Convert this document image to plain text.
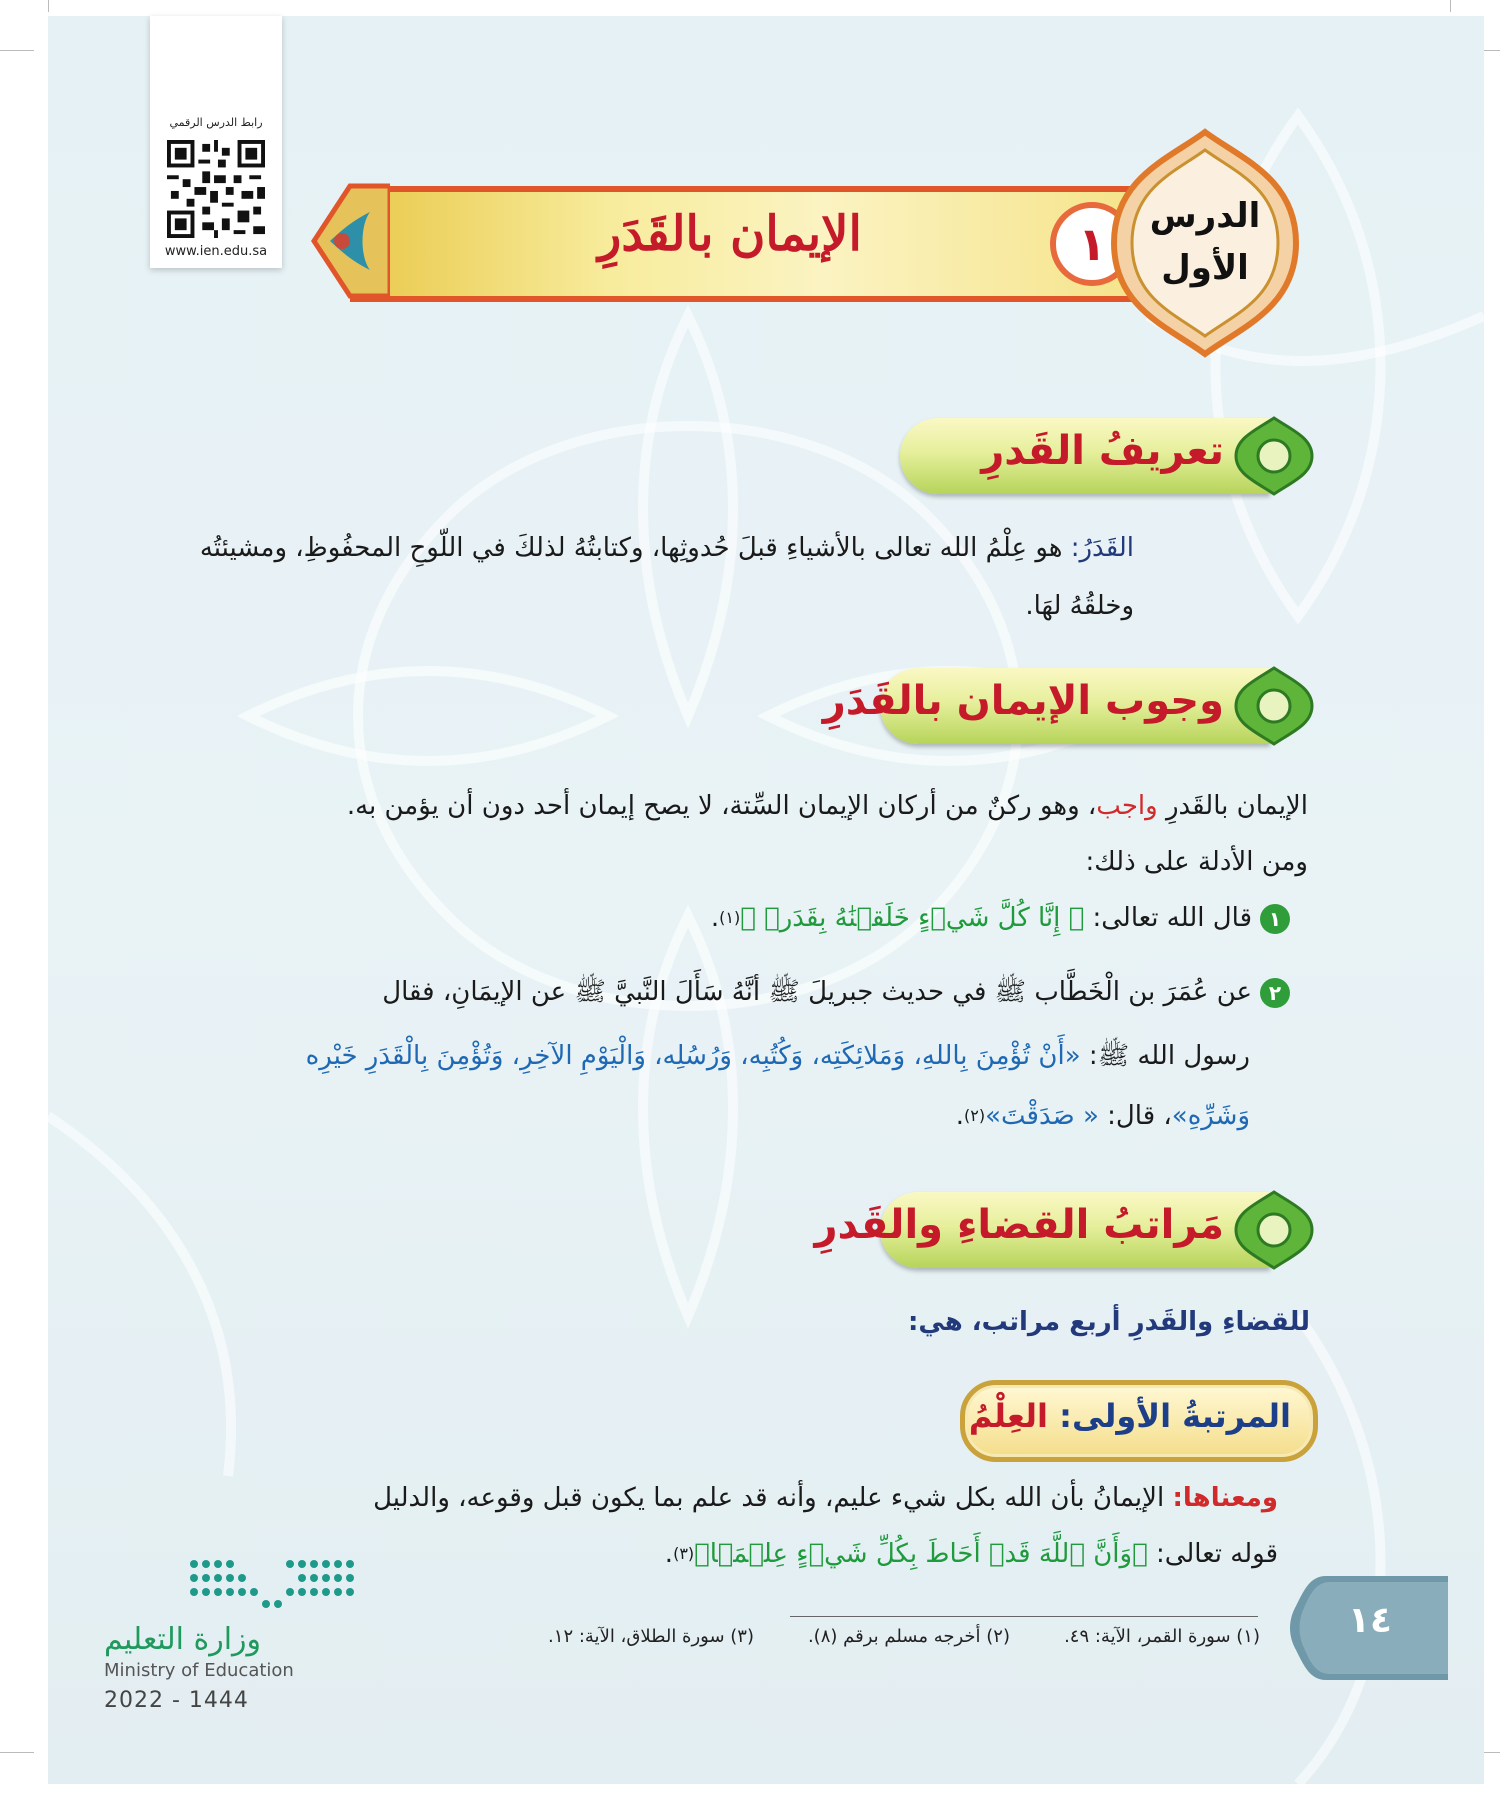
رابط الدرس الرقمي
www.ien.edu.sa	الإيمان بالقَدَرِ	١
الدرس
الأول
تعريفُ القَدرِ
القَدَرُ: هو عِلْمُ الله تعالى بالأشياءِ قبلَ حُدوثِها، وكتابتُهُ لذلكَ في اللّوحِ المحفُوظِ، ومشيئتُه
وخلقُهُ لهَا.
وجوب الإيمان بالقَدَرِ
الإيمان بالقَدرِ واجب، وهو ركنٌ من أركان الإيمان السِّتة، لا يصح إيمان أحد دون أن يؤمن به.
ومن الأدلة على ذلك:
١قال الله تعالى: ﴿ إِنَّا كُلَّ شَيۡءٍ خَلَقۡنَٰهُ بِقَدَرٖ ﴾$^{(١)}$.
٢عن عُمَرَ بن الْخَطَّاب ﷺ في حديث جبريلَ ﷺ أنَّهُ سَأَلَ النَّبيَّ ﷺ عن الإيمَانِ، فقال
رسول الله ﷺ: «أَنْ تُؤْمِنَ بِاللهِ، وَمَلائِكَتِه، وَكُتُبِه، وَرُسُلِه، وَالْيَوْمِ الآخِرِ، وَتُؤْمِنَ بِالْقَدَرِ خَيْرِه
وَشَرِّهِ»، قال: « صَدَقْتَ»$^{(٢)}$.
مَراتبُ القضاءِ والقَدرِ
للقضاءِ والقَدرِ أربع مراتب، هي:
المرتبةُ الأولى: العِلْمُ
ومعناها: الإيمانُ بأن الله بكل شيء عليم، وأنه قد علم بما يكون قبل وقوعه، والدليل
قوله تعالى: ﴿وَأَنَّ ٱللَّهَ قَدۡ أَحَاطَ بِكُلِّ شَيۡءٍ عِلۡمَۢا﴾$^{(٣)}$.
(١) سورة القمر، الآية: ٤٩.
(٢) أخرجه مسلم برقم (٨).
(٣) سورة الطلاق، الآية: ١٢.	١٤
وزارة التعليم
Ministry of Education
2022 - 1444
